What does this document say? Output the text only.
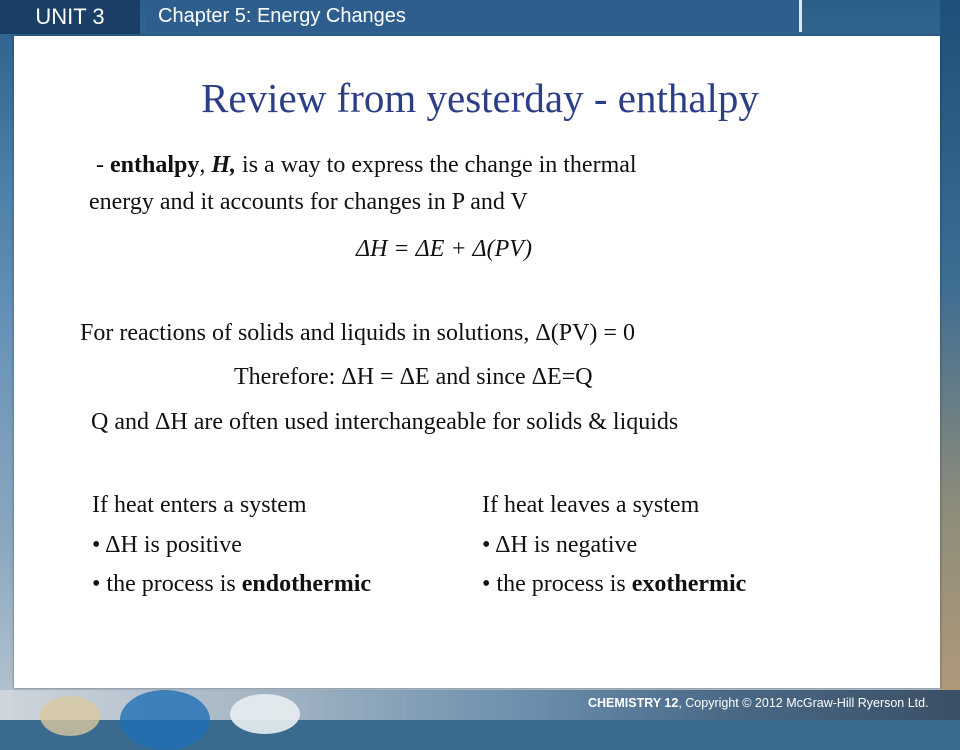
UNIT 3	Chapter 5: Energy Changes
Review from yesterday - enthalpy
- enthalpy, H, is a way to express the change in thermal
energy and it accounts for changes in P and V
ΔH = ΔE + Δ(PV)
For reactions of solids and liquids in solutions, Δ(PV) = 0
Therefore: ΔH = ΔE and since ΔE=Q
Q and ΔH are often used interchangeable for solids & liquids
If heat enters a system
• ΔH is positive
• the process is endothermic
If heat leaves a system
• ΔH is negative
• the process is exothermic
CHEMISTRY 12, Copyright © 2012 McGraw-Hill Ryerson Ltd.
